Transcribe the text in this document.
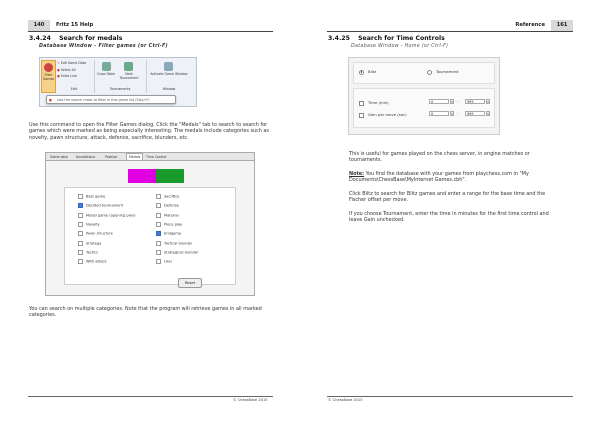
140	Fritz 15 Help
3.4.24 Search for medals
Database Window - Filter games (or Ctrl-F)
Filter Games
✎ Edit Game Data
● Select All
● Extra Line
Edit
Cross Table	Next Tournament
Tournaments
Activate Game Window
Window
● Use the search mask to filter in this game list (Strg+F)
Use this command to open the Filter Games dialog. Click the "Medals" tab to search to search for games which were marked as being especially interesting. The medals include categories such as novelty, pawn structure, attack, defence, sacrifice, blunders, etc.
Game data	Annotations	Position	Medals	Time Control
Best game
Decided tournament
Model game (opening plan)
Novelty
Pawn structure
Strategy
Tactics
With attack
Sacrifice
Defense
Material
Piece play
Endgame
Tactical blunder
Strategical blunder
User
Reset
You can search on multiple categories. Note that the program will retrieve games in all marked categories.
© ChessBase 2015
Reference	161
3.4.25 Search for Time Controls
Database Window - Home (or Ctrl-F)
Blitz	Tournament
Time (min)	0	⇕ -	999	⇕
Gain per move (sec)	0	⇕ -	999	⇕
This is useful for games played on the chess server, in engine matches or tournaments.
Note: You find the database with your games from playchess.com in "My Documents\ChessBase\MyInternet Games.cbh".
Click Blitz to search for Blitz games and enter a range for the base time and the Fischer offset per move.
If you choose Tournament, enter the time in minutes for the first time control and leave Gain unchecked.
© ChessBase 2015
